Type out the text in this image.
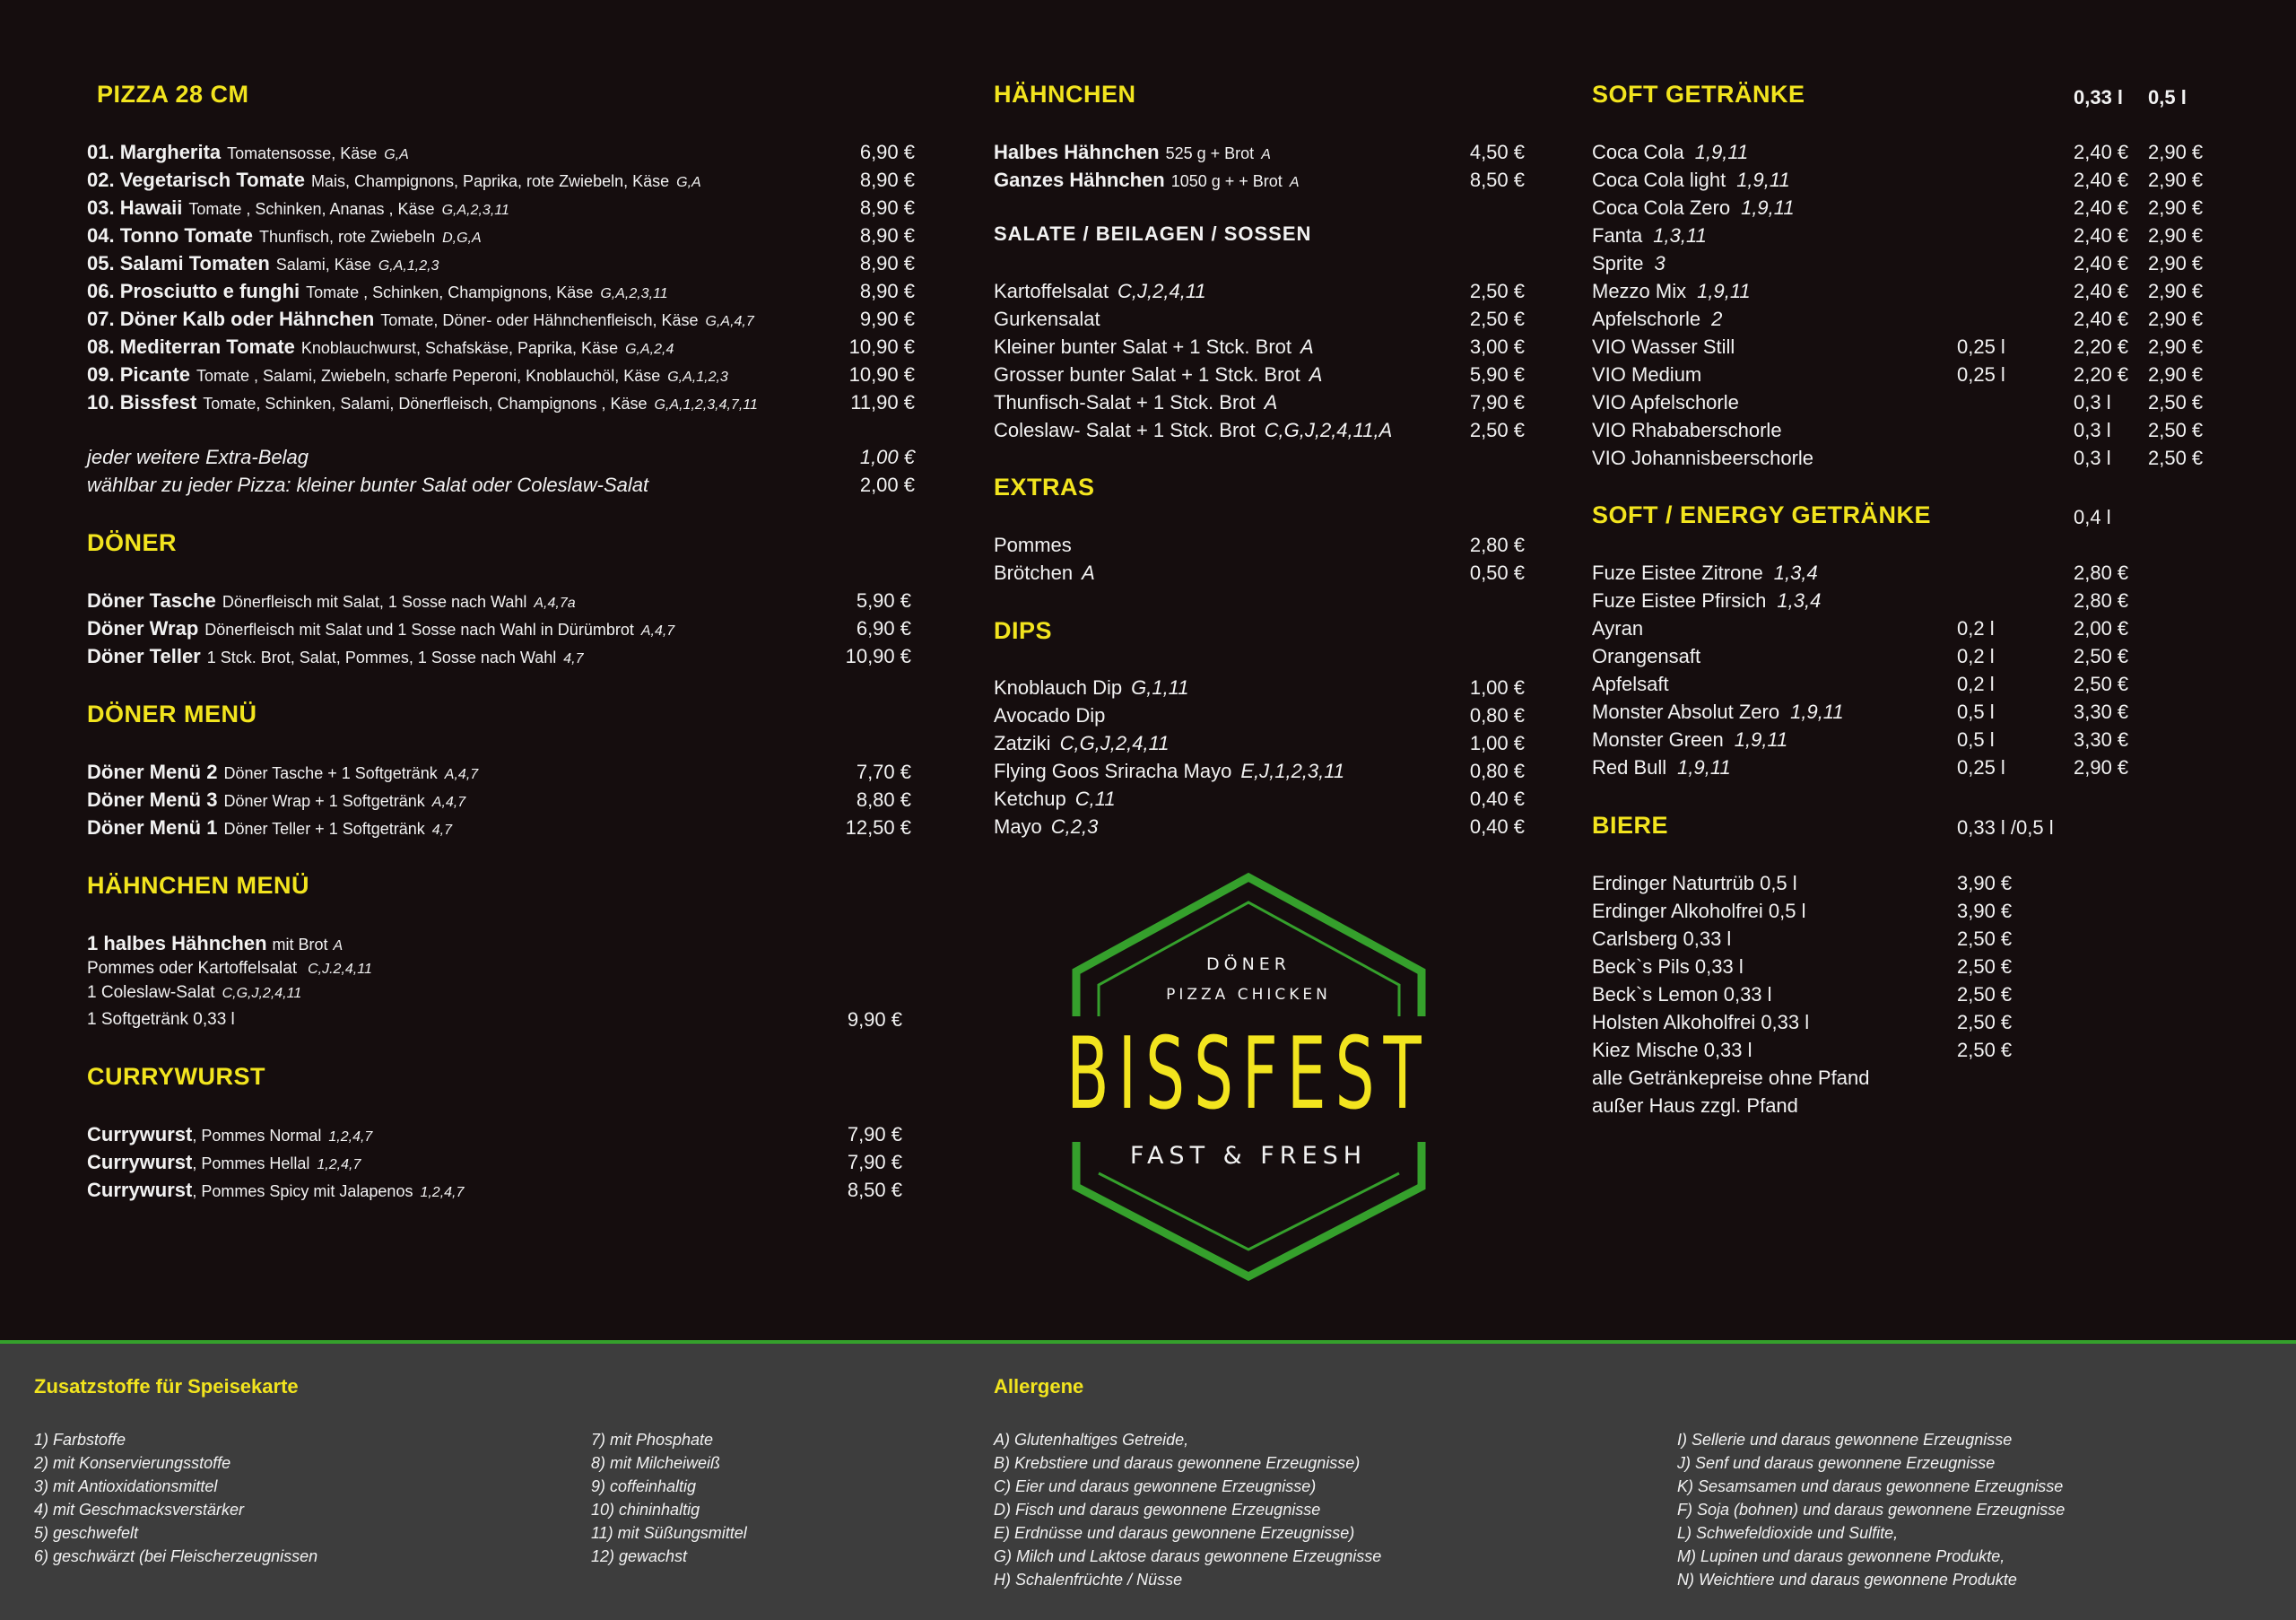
PIZZA 28 CM
01. Margherita Tomatensosse, Käse G,A	6,90 €
02. Vegetarisch Tomate Mais, Champignons, Paprika, rote Zwiebeln, Käse G,A	8,90 €
03. Hawaii Tomate , Schinken, Ananas , Käse G,A,2,3,11	8,90 €
04. Tonno Tomate Thunfisch, rote Zwiebeln D,G,A	8,90 €
05. Salami Tomaten Salami, Käse G,A,1,2,3	8,90 €
06. Prosciutto e funghi Tomate , Schinken, Champignons, Käse G,A,2,3,11	8,90 €
07. Döner Kalb oder Hähnchen Tomate, Döner- oder Hähnchenfleisch, Käse G,A,4,7	9,90 €
08. Mediterran Tomate Knoblauchwurst, Schafskäse, Paprika, Käse G,A,2,4	10,90 €
09. Picante Tomate , Salami, Zwiebeln, scharfe Peperoni, Knoblauchöl, Käse G,A,1,2,3	10,90 €
10. Bissfest Tomate, Schinken, Salami, Dönerfleisch, Champignons , Käse G,A,1,2,3,4,7,11	11,90 €
jeder weitere Extra-Belag	1,00 €
wählbar zu jeder Pizza: kleiner bunter Salat oder Coleslaw-Salat	2,00 €
DÖNER
Döner Tasche Dönerfleisch mit Salat, 1 Sosse nach Wahl A,4,7a	5,90 €
Döner Wrap Dönerfleisch mit Salat und 1 Sosse nach Wahl in Dürümbrot A,4,7	6,90 €
Döner Teller 1 Stck. Brot, Salat, Pommes, 1 Sosse nach Wahl 4,7	10,90 €
DÖNER MENÜ
Döner Menü 2 Döner Tasche + 1 Softgetränk A,4,7	7,70 €
Döner Menü 3 Döner Wrap + 1 Softgetränk A,4,7	8,80 €
Döner Menü 1 Döner Teller + 1 Softgetränk 4,7	12,50 €
HÄHNCHEN MENÜ
1 halbes Hähnchen mit Brot A
Pommes oder Kartoffelsalat C,J.2,4,11
1 Coleslaw-Salat C,G,J,2,4,11
1 Softgetränk 0,33 l	9,90 €
CURRYWURST
Currywurst, Pommes Normal 1,2,4,7	7,90 €
Currywurst, Pommes Hellal 1,2,4,7	7,90 €
Currywurst, Pommes Spicy mit Jalapenos 1,2,4,7	8,50 €
HÄHNCHEN
Halbes Hähnchen 525 g + Brot A	4,50 €
Ganzes Hähnchen 1050 g + + Brot A	8,50 €
SALATE / BEILAGEN / SOSSEN
Kartoffelsalat C,J,2,4,11	2,50 €
Gurkensalat	2,50 €
Kleiner bunter Salat + 1 Stck. Brot A	3,00 €
Grosser bunter Salat + 1 Stck. Brot A	5,90 €
Thunfisch-Salat + 1 Stck. Brot A	7,90 €
Coleslaw- Salat + 1 Stck. Brot C,G,J,2,4,11,A	2,50 €
EXTRAS
Pommes	2,80 €
Brötchen A	0,50 €
DIPS
Knoblauch Dip G,1,11	1,00 €
Avocado Dip	0,80 €
Zatziki C,G,J,2,4,11	1,00 €
Flying Goos Sriracha Mayo E,J,1,2,3,11	0,80 €
Ketchup C,11	0,40 €
Mayo C,2,3	0,40 €
DÖNER
PIZZA CHICKEN
BISSFEST
FAST & FRESH
SOFT GETRÄNKE	0,33 l 0,5 l
Coca Cola 1,9,11	2,40 € 2,90 €
Coca Cola light 1,9,11	2,40 € 2,90 €
Coca Cola Zero 1,9,11	2,40 € 2,90 €
Fanta 1,3,11	2,40 € 2,90 €
Sprite 3	2,40 € 2,90 €
Mezzo Mix 1,9,11	2,40 € 2,90 €
Apfelschorle 2	2,40 € 2,90 €
VIO Wasser Still	0,25 l	2,20 € 2,90 €
VIO Medium	0,25 l	2,20 € 2,90 €
VIO Apfelschorle	0,3 l 2,50 €
VIO Rhababerschorle	0,3 l 2,50 €
VIO Johannisbeerschorle	0,3 l 2,50 €
SOFT / ENERGY GETRÄNKE	0,4 l
Fuze Eistee Zitrone 1,3,4	2,80 €
Fuze Eistee Pfirsich 1,3,4	2,80 €
Ayran	0,2 l	2,00 €
Orangensaft	0,2 l	2,50 €
Apfelsaft	0,2 l	2,50 €
Monster Absolut Zero 1,9,11	0,5 l	3,30 €
Monster Green 1,9,11	0,5 l	3,30 €
Red Bull 1,9,11	0,25 l	2,90 €
BIERE	0,33 l /0,5 l
Erdinger Naturtrüb 0,5 l	3,90 €
Erdinger Alkoholfrei 0,5 l	3,90 €
Carlsberg 0,33 l	2,50 €
Beck`s Pils 0,33 l	2,50 €
Beck`s Lemon 0,33 l	2,50 €
Holsten Alkoholfrei 0,33 l	2,50 €
Kiez Mische 0,33 l	2,50 €
alle Getränkepreise ohne Pfand
außer Haus zzgl. Pfand
Zusatzstoffe für Speisekarte
1) Farbstoffe
2) mit Konservierungsstoffe
3) mit Antioxidationsmittel
4) mit Geschmacksverstärker
5) geschwefelt
6) geschwärzt (bei Fleischerzeugnissen
7) mit Phosphate
8) mit Milcheiweiß
9) coffeinhaltig
10) chininhaltig
11) mit Süßungsmittel
12) gewachst
Allergene
A) Glutenhaltiges Getreide,
B) Krebstiere und daraus gewonnene Erzeugnisse)
C) Eier und daraus gewonnene Erzeugnisse)
D) Fisch und daraus gewonnene Erzeugnisse
E) Erdnüsse und daraus gewonnene Erzeugnisse)
G) Milch und Laktose daraus gewonnene Erzeugnisse
H) Schalenfrüchte / Nüsse
I) Sellerie und daraus gewonnene Erzeugnisse
J) Senf und daraus gewonnene Erzeugnisse
K) Sesamsamen und daraus gewonnene Erzeugnisse
F) Soja (bohnen) und daraus gewonnene Erzeugnisse
L) Schwefeldioxide und Sulfite,
M) Lupinen und daraus gewonnene Produkte,
N) Weichtiere und daraus gewonnene Produkte
